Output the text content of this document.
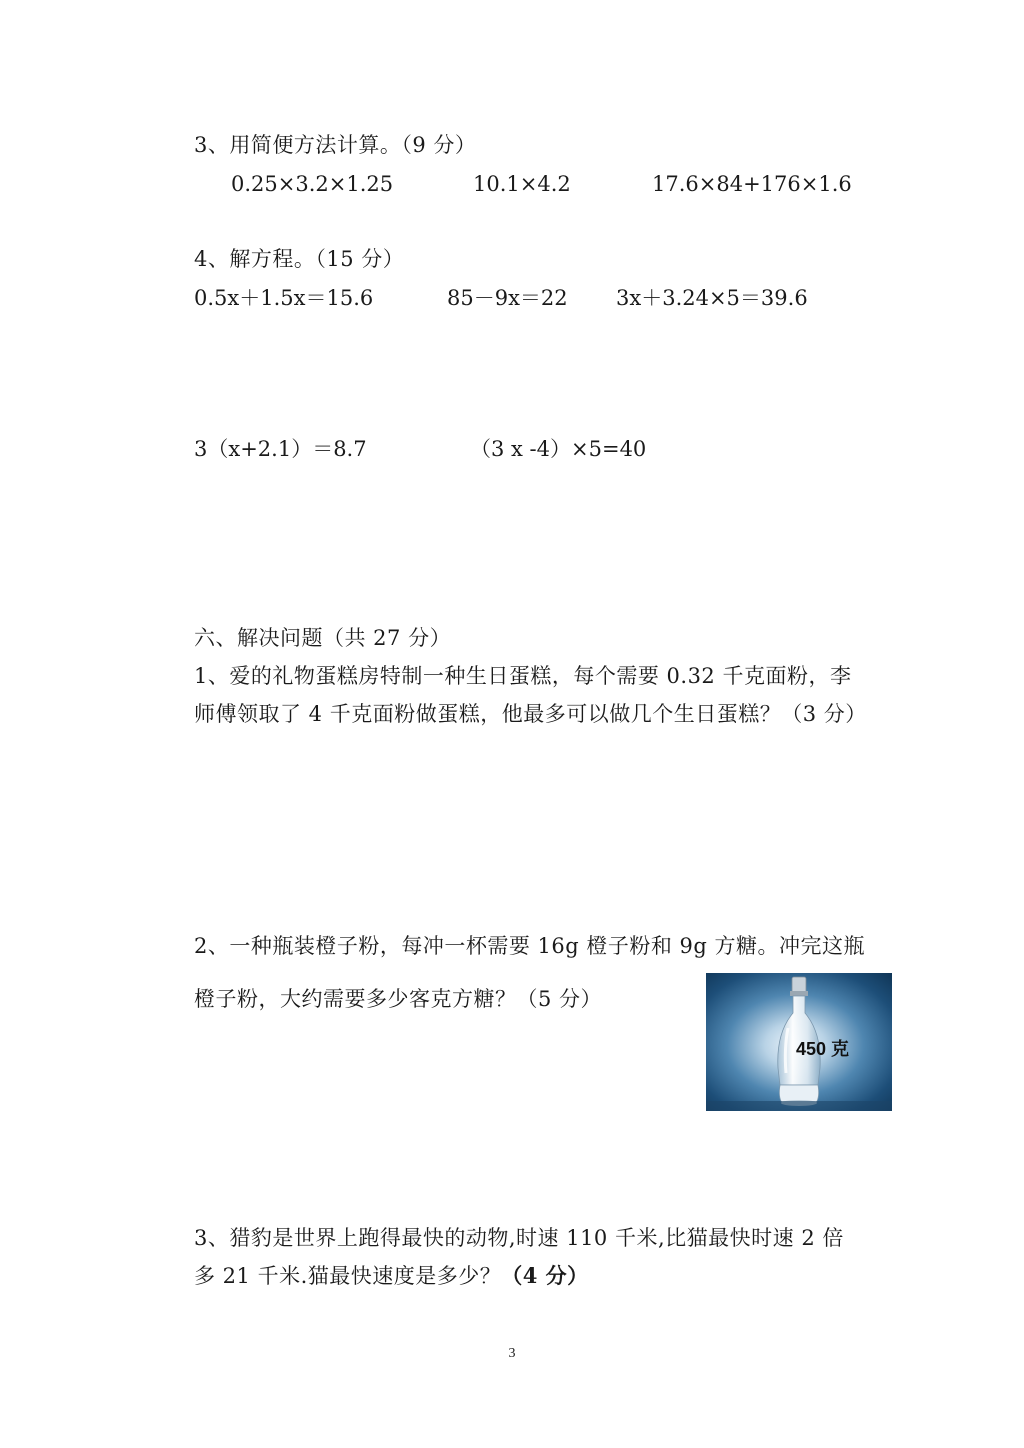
3、用简便方法计算。（9 分）
0.25×3.2×1.25	10.1×4.2	17.6×84+176×1.6
4、解方程。（15 分）
0.5x＋1.5x＝15.6	85－9x＝22 3x＋3.24×5＝39.6
3（x+2.1）＝8.7	（3 x -4）×5=40
六、解决问题（共 27 分）
1、爱的礼物蛋糕房特制一种生日蛋糕，每个需要 0.32 千克面粉，李
师傅领取了 4 千克面粉做蛋糕，他最多可以做几个生日蛋糕？（3 分）
2、一种瓶装橙子粉，每冲一杯需要 16g 橙子粉和 9g 方糖。冲完这瓶
橙子粉，大约需要多少客克方糖？（5 分）
450 克
3、猎豹是世界上跑得最快的动物,时速 110 千米,比猫最快时速 2 倍
多 21 千米.猫最快速度是多少？（4 分）
3
